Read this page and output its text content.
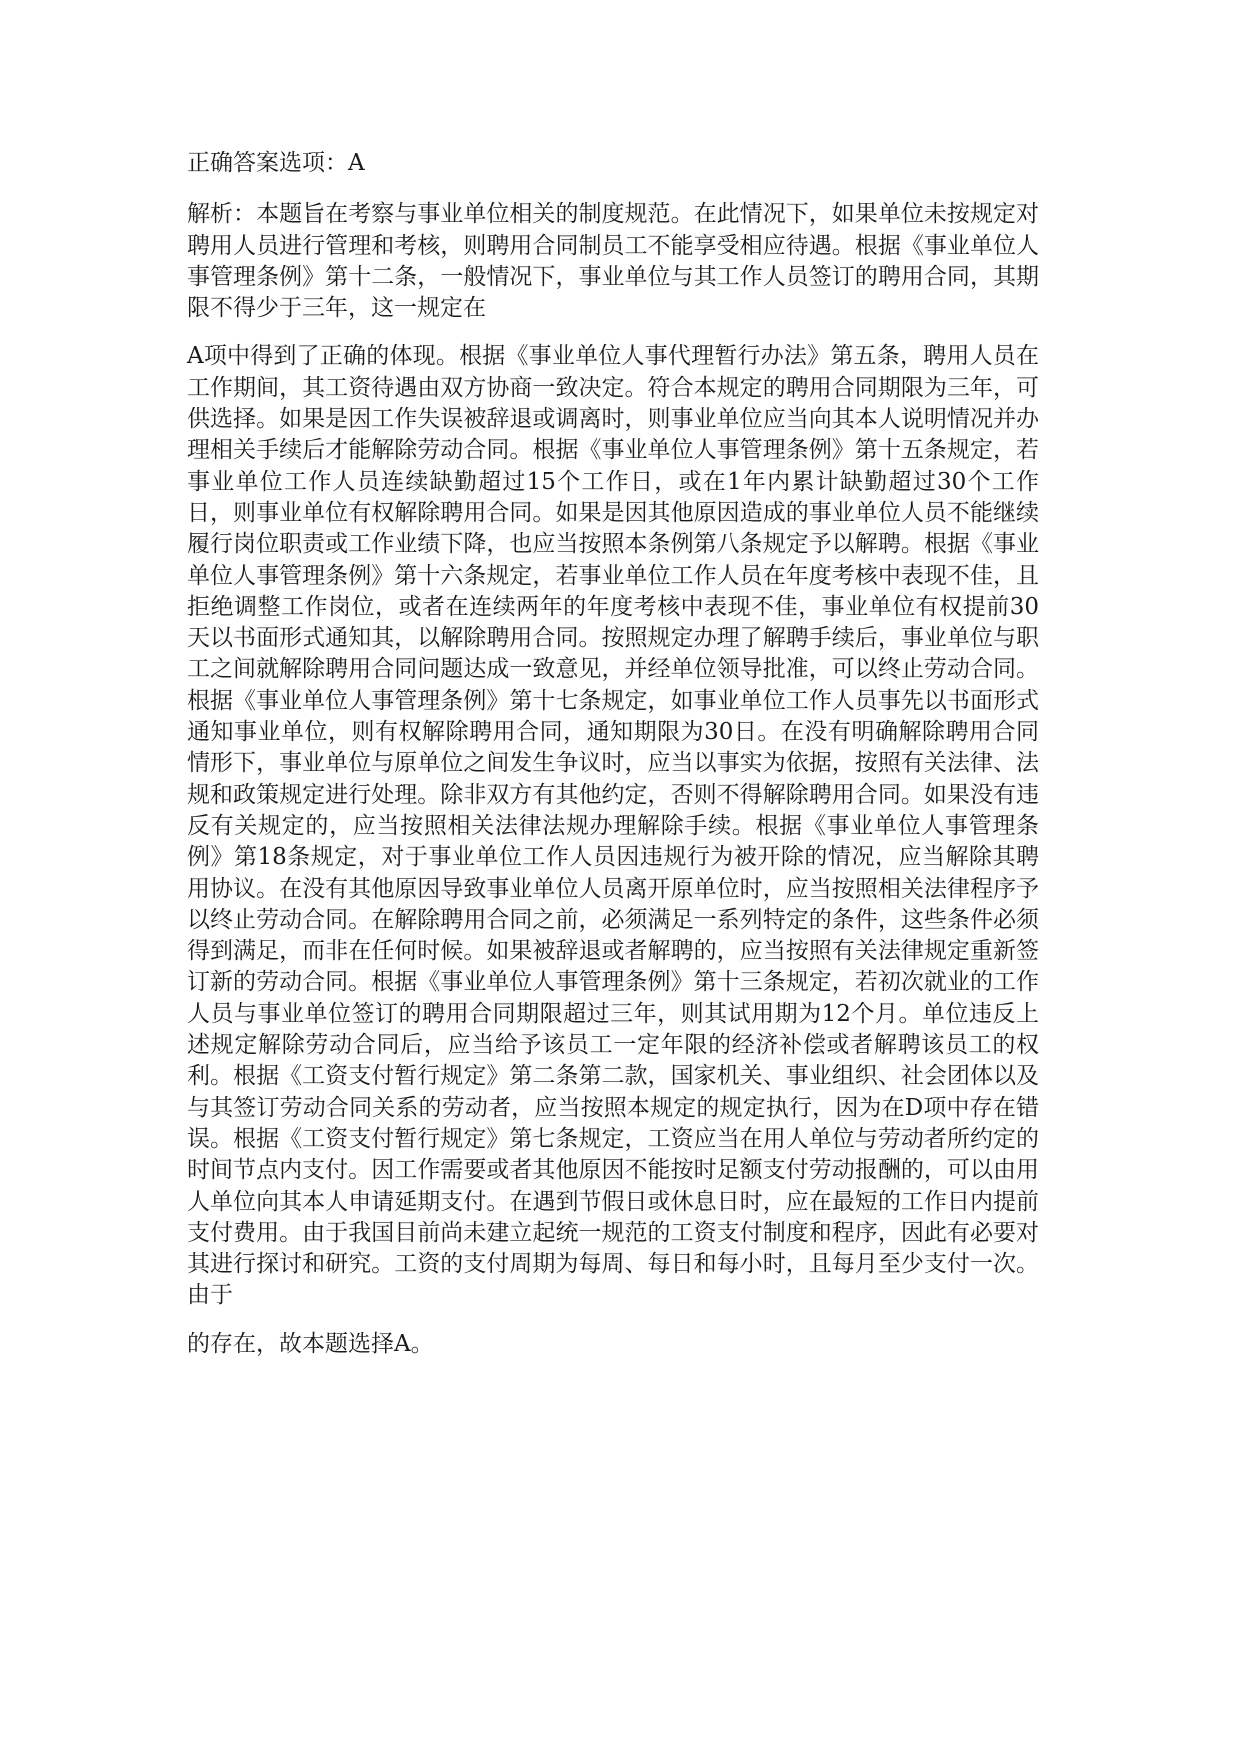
正确答案选项：A

解析：本题旨在考察与事业单位相关的制度规范。在此情况下，如果单位未按规定对聘用人员进行管理和考核，则聘用合同制员工不能享受相应待遇。根据《事业单位人事管理条例》第十二条，一般情况下，事业单位与其工作人员签订的聘用合同，其期限不得少于三年，这一规定在

A项中得到了正确的体现。根据《事业单位人事代理暂行办法》第五条，聘用人员在工作期间，其工资待遇由双方协商一致决定。符合本规定的聘用合同期限为三年，可供选择。如果是因工作失误被辞退或调离时，则事业单位应当向其本人说明情况并办理相关手续后才能解除劳动合同。根据《事业单位人事管理条例》第十五条规定，若事业单位工作人员连续缺勤超过15个工作日，或在1年内累计缺勤超过30个工作日，则事业单位有权解除聘用合同。如果是因其他原因造成的事业单位人员不能继续履行岗位职责或工作业绩下降，也应当按照本条例第八条规定予以解聘。根据《事业单位人事管理条例》第十六条规定，若事业单位工作人员在年度考核中表现不佳，且拒绝调整工作岗位，或者在连续两年的年度考核中表现不佳，事业单位有权提前30天以书面形式通知其，以解除聘用合同。按照规定办理了解聘手续后，事业单位与职工之间就解除聘用合同问题达成一致意见，并经单位领导批准，可以终止劳动合同。根据《事业单位人事管理条例》第十七条规定，如事业单位工作人员事先以书面形式通知事业单位，则有权解除聘用合同，通知期限为30日。在没有明确解除聘用合同情形下，事业单位与原单位之间发生争议时，应当以事实为依据，按照有关法律、法规和政策规定进行处理。除非双方有其他约定，否则不得解除聘用合同。如果没有违反有关规定的，应当按照相关法律法规办理解除手续。根据《事业单位人事管理条例》第18条规定，对于事业单位工作人员因违规行为被开除的情况，应当解除其聘用协议。在没有其他原因导致事业单位人员离开原单位时，应当按照相关法律程序予以终止劳动合同。在解除聘用合同之前，必须满足一系列特定的条件，这些条件必须得到满足，而非在任何时候。如果被辞退或者解聘的，应当按照有关法律规定重新签订新的劳动合同。根据《事业单位人事管理条例》第十三条规定，若初次就业的工作人员与事业单位签订的聘用合同期限超过三年，则其试用期为12个月。单位违反上述规定解除劳动合同后，应当给予该员工一定年限的经济补偿或者解聘该员工的权利。根据《工资支付暂行规定》第二条第二款，国家机关、事业组织、社会团体以及与其签订劳动合同关系的劳动者，应当按照本规定的规定执行，因为在D项中存在错误。根据《工资支付暂行规定》第七条规定，工资应当在用人单位与劳动者所约定的时间节点内支付。因工作需要或者其他原因不能按时足额支付劳动报酬的，可以由用人单位向其本人申请延期支付。在遇到节假日或休息日时，应在最短的工作日内提前支付费用。由于我国目前尚未建立起统一规范的工资支付制度和程序，因此有必要对其进行探讨和研究。工资的支付周期为每周、每日和每小时，且每月至少支付一次。由于

的存在，故本题选择A。
